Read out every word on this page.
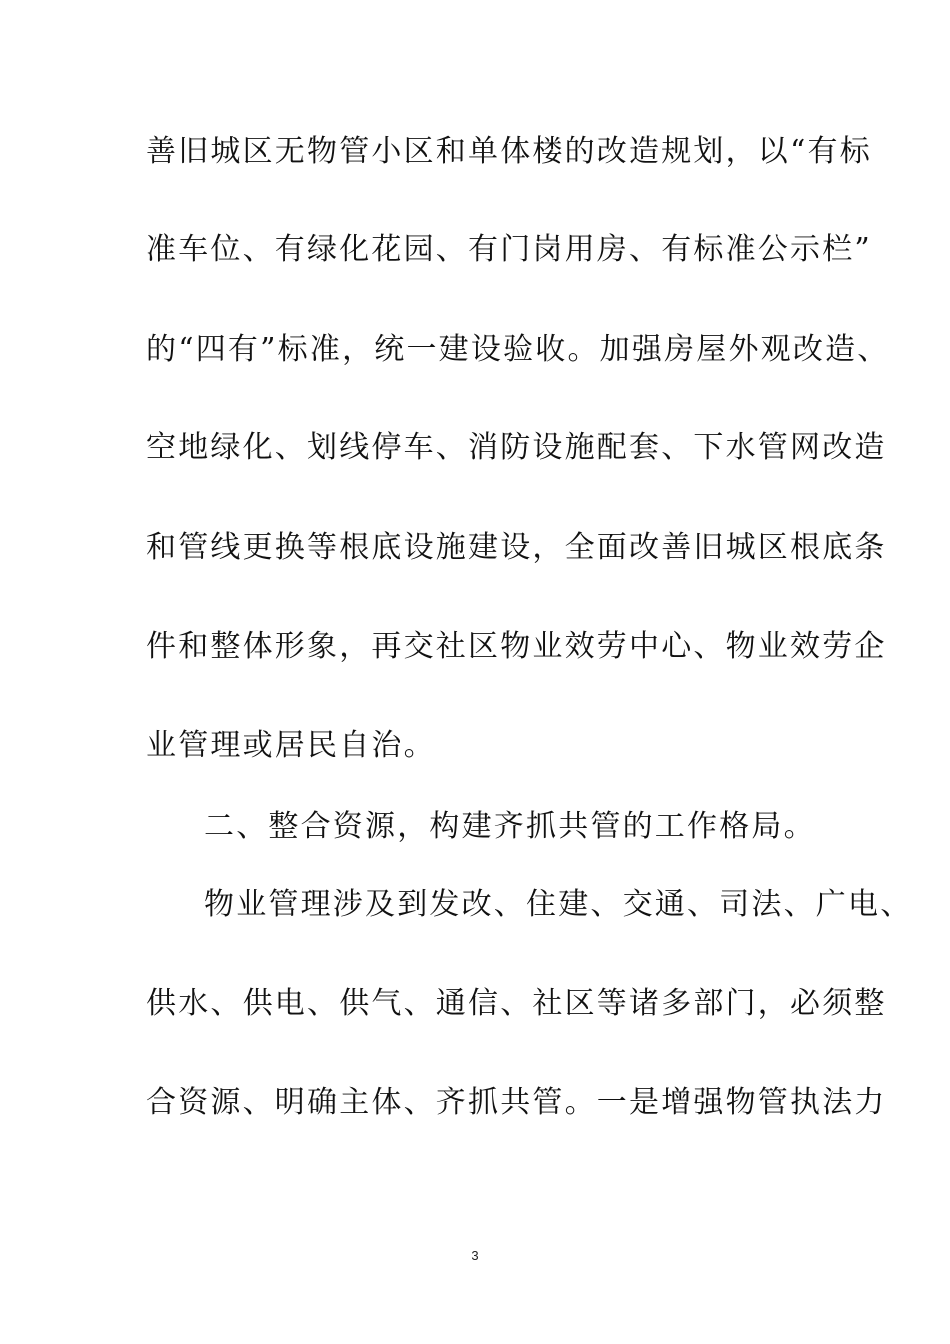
善旧城区无物管小区和单体楼的改造规划，以“有标
准车位、有绿化花园、有门岗用房、有标准公示栏”
的“四有”标准，统一建设验收。加强房屋外观改造、
空地绿化、划线停车、消防设施配套、下水管网改造
和管线更换等根底设施建设，全面改善旧城区根底条
件和整体形象，再交社区物业效劳中心、物业效劳企
业管理或居民自治。
二、整合资源，构建齐抓共管的工作格局。
物业管理涉及到发改、住建、交通、司法、广电、
供水、供电、供气、通信、社区等诸多部门，必须整
合资源、明确主体、齐抓共管。一是增强物管执法力
3
